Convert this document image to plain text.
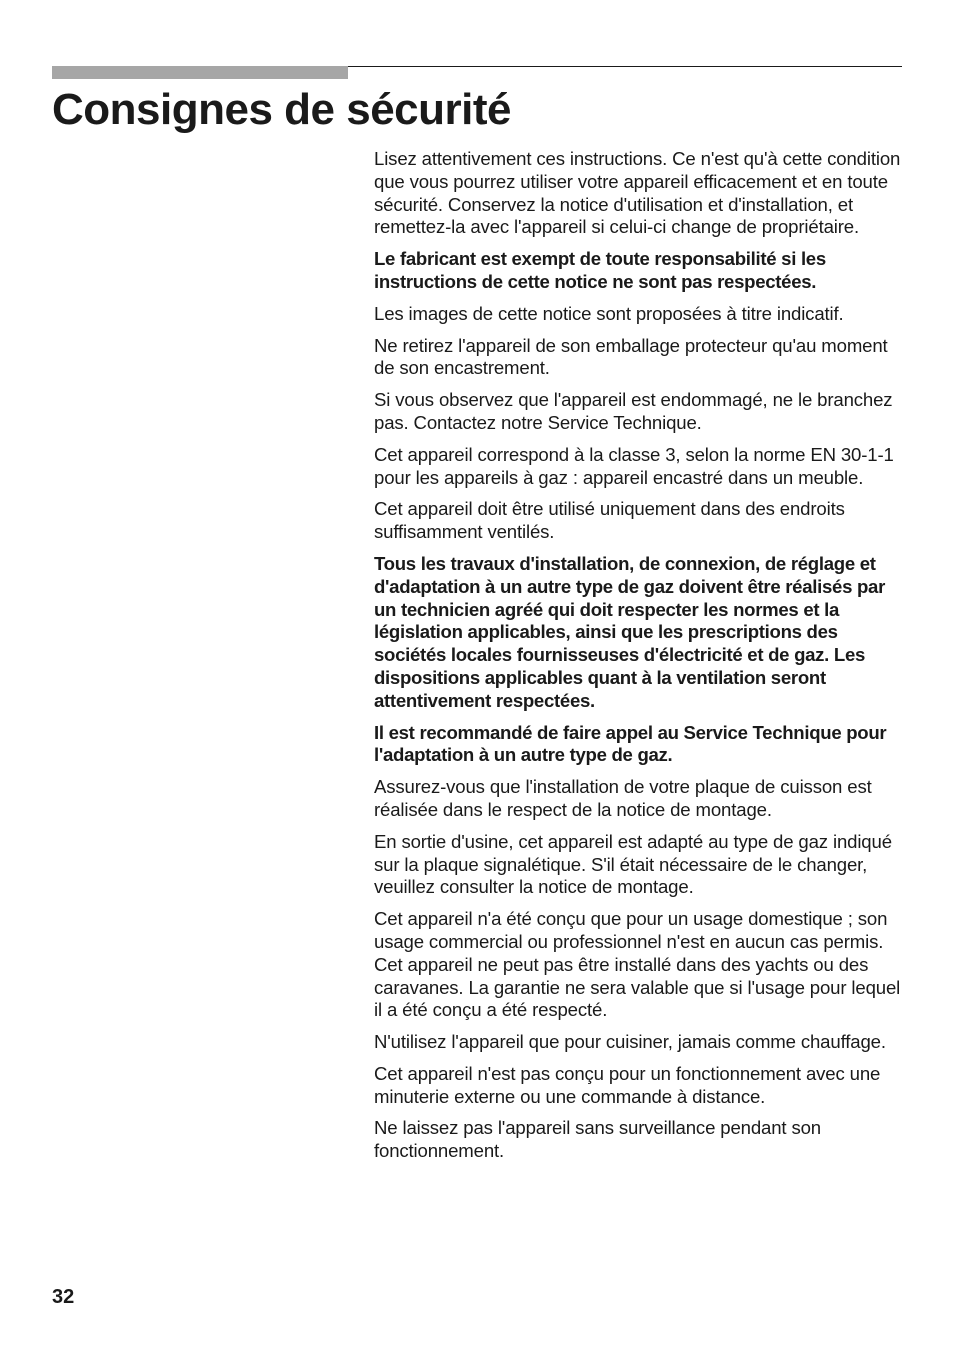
Consignes de sécurité

Lisez attentivement ces instructions. Ce n'est qu'à cette condition que vous pourrez utiliser votre appareil efficacement et en toute sécurité. Conservez la notice d'utilisation et d'installation, et remettez-la avec l'appareil si celui-ci change de propriétaire.

Le fabricant est exempt de toute responsabilité si les instructions de cette notice ne sont pas respectées.

Les images de cette notice sont proposées à titre indicatif.

Ne retirez l'appareil de son emballage protecteur qu'au moment de son encastrement.

Si vous observez que l'appareil est endommagé, ne le branchez pas. Contactez notre Service Technique.

Cet appareil correspond à la classe 3, selon la norme EN 30-1-1 pour les appareils à gaz : appareil encastré dans un meuble.

Cet appareil doit être utilisé uniquement dans des endroits suffisamment ventilés.

Tous les travaux d'installation, de connexion, de réglage et d'adaptation à un autre type de gaz doivent être réalisés par un technicien agréé qui doit respecter les normes et la législation applicables, ainsi que les prescriptions des sociétés locales fournisseuses d'électricité et de gaz. Les dispositions applicables quant à la ventilation seront attentivement respectées.

Il est recommandé de faire appel au Service Technique pour l'adaptation à un autre type de gaz.

Assurez-vous que l'installation de votre plaque de cuisson est réalisée dans le respect de la notice de montage.

En sortie d'usine, cet appareil est adapté au type de gaz indiqué sur la plaque signalétique. S'il était nécessaire de le changer, veuillez consulter la notice de montage.

Cet appareil n'a été conçu que pour un usage domestique ; son usage commercial ou professionnel n'est en aucun cas permis. Cet appareil ne peut pas être installé dans des yachts ou des caravanes. La garantie ne sera valable que si l'usage pour lequel il a été conçu a été respecté.

N'utilisez l'appareil que pour cuisiner, jamais comme chauffage.

Cet appareil n'est pas conçu pour un fonctionnement avec une minuterie externe ou une commande à distance.

Ne laissez pas l'appareil sans surveillance pendant son fonctionnement.

32
